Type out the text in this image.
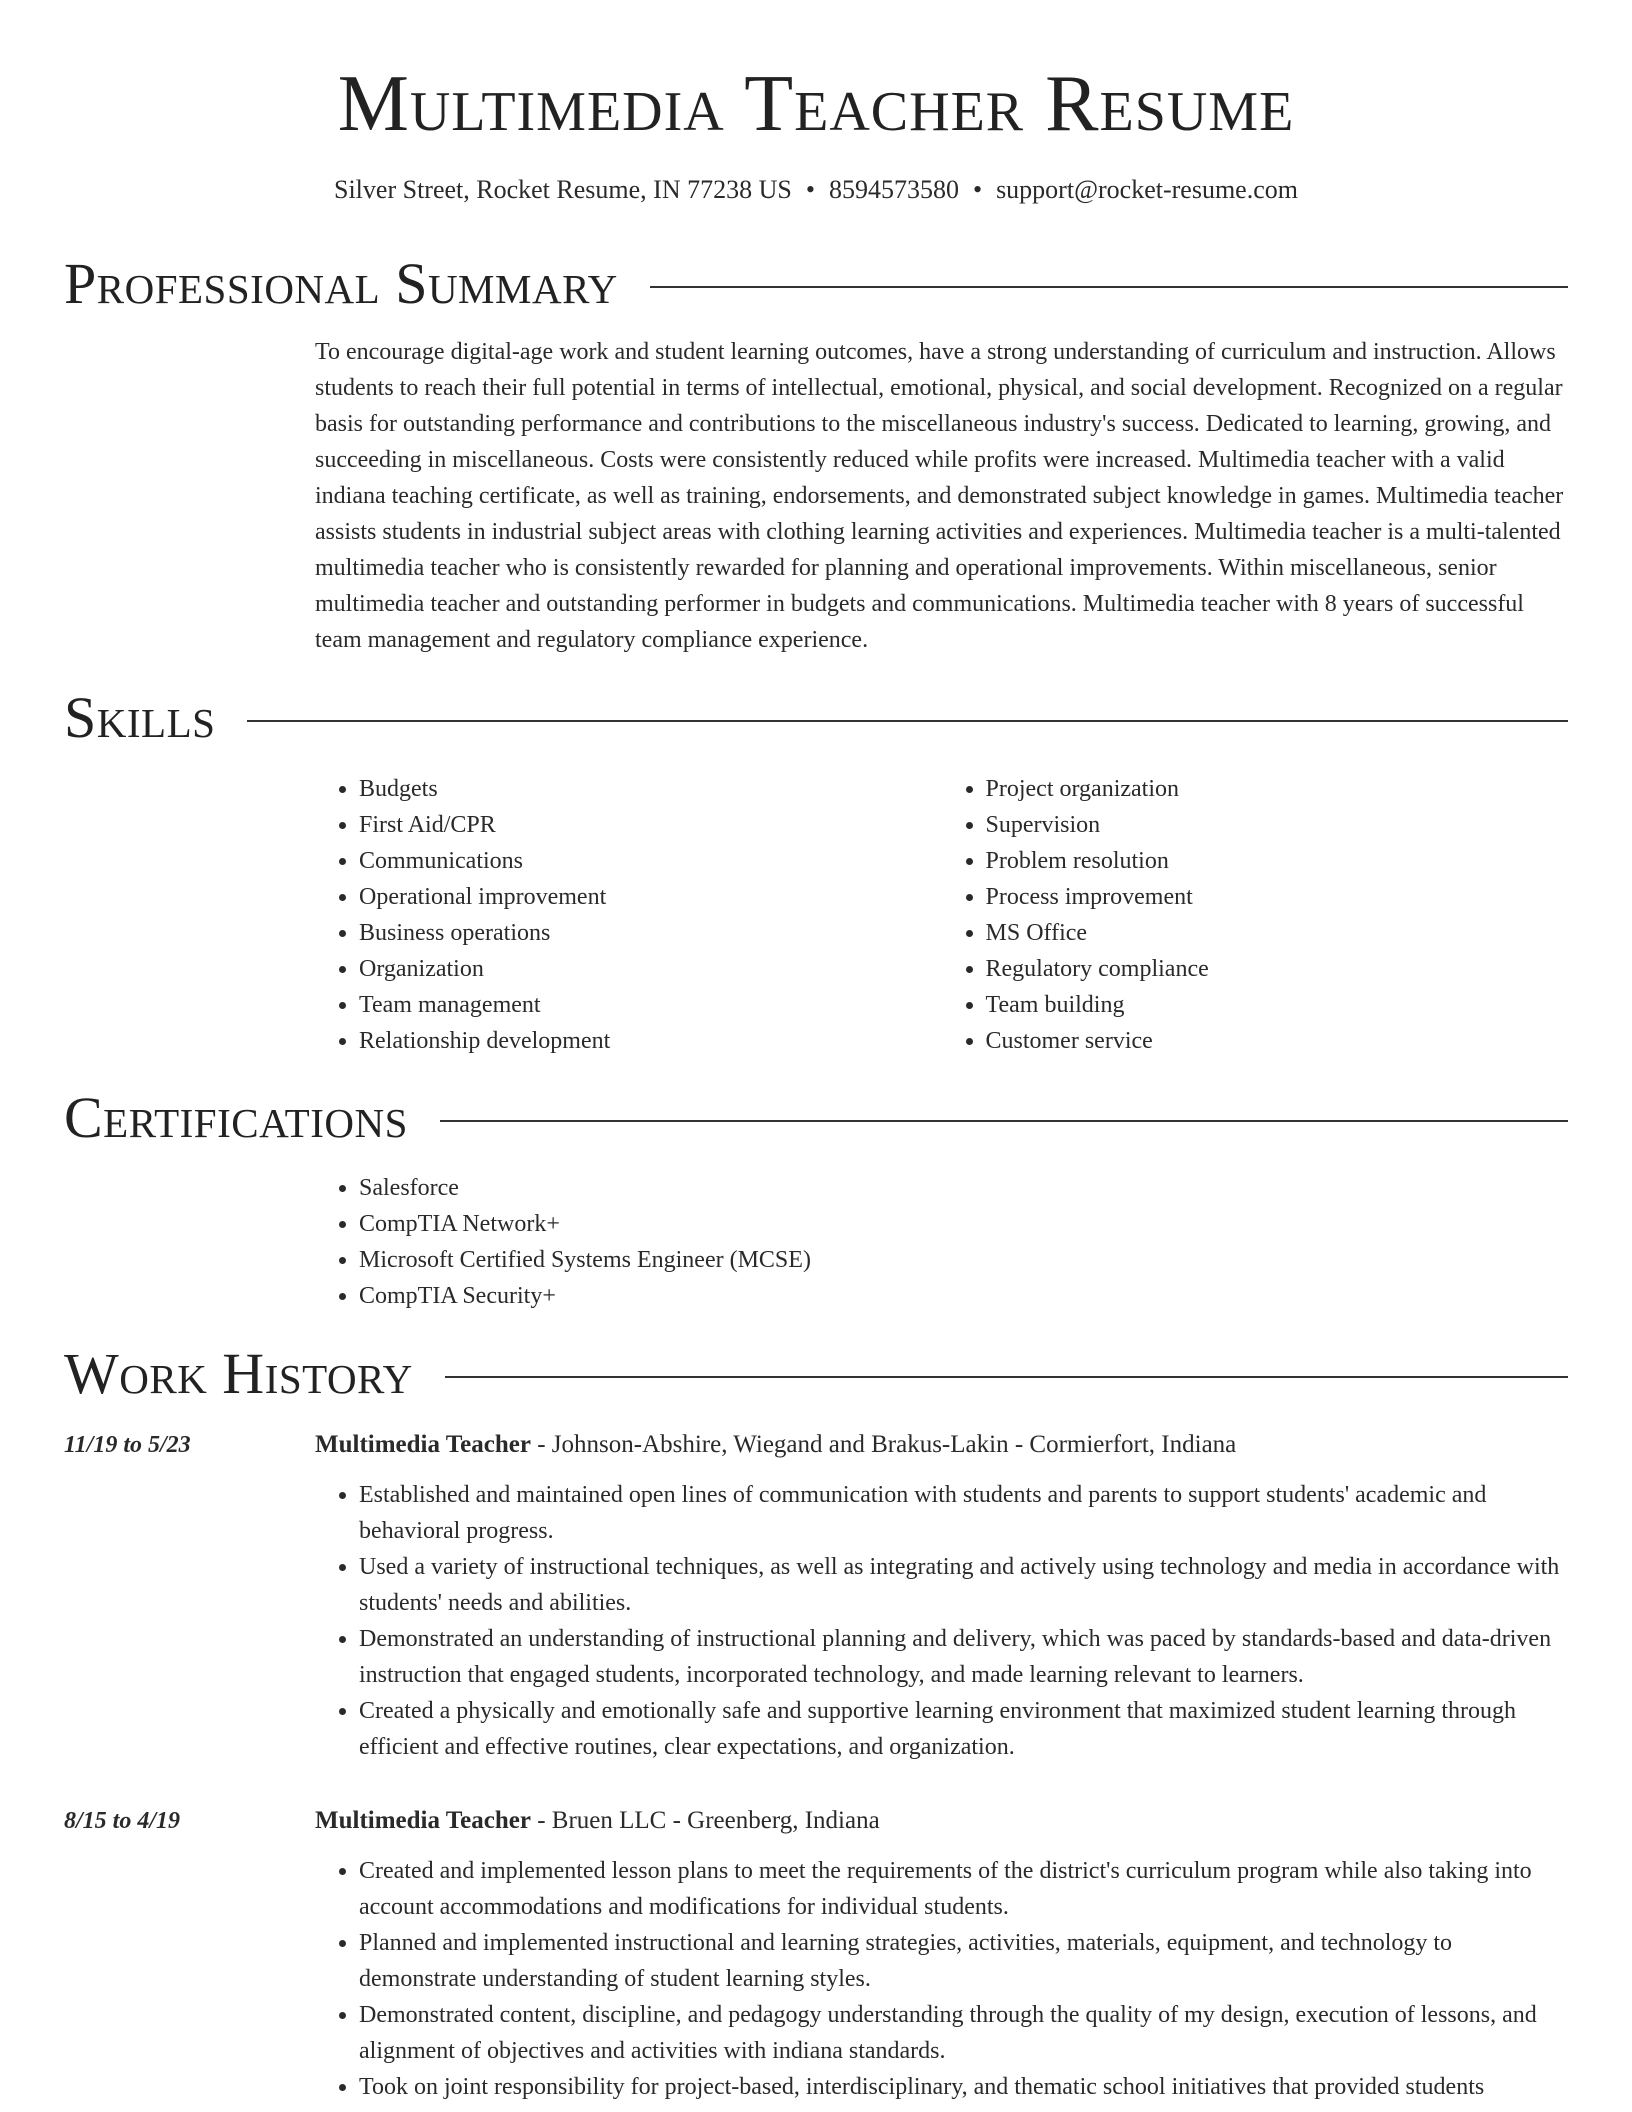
Multimedia Teacher Resume
Silver Street, Rocket Resume, IN 77238 US • 8594573580 • support@rocket-resume.com
Professional Summary

To encourage digital-age work and student learning outcomes, have a strong understanding of curriculum and instruction. Allows students to reach their full potential in terms of intellectual, emotional, physical, and social development. Recognized on a regular basis for outstanding performance and contributions to the miscellaneous industry's success. Dedicated to learning, growing, and succeeding in miscellaneous. Costs were consistently reduced while profits were increased. Multimedia teacher with a valid indiana teaching certificate, as well as training, endorsements, and demonstrated subject knowledge in games. Multimedia teacher assists students in industrial subject areas with clothing learning activities and experiences. Multimedia teacher is a multi-talented multimedia teacher who is consistently rewarded for planning and operational improvements. Within miscellaneous, senior multimedia teacher and outstanding performer in budgets and communications. Multimedia teacher with 8 years of successful team management and regulatory compliance experience.

Skills
• Budgets
• First Aid/CPR
• Communications
• Operational improvement
• Business operations
• Organization
• Team management
• Relationship development
• Project organization
• Supervision
• Problem resolution
• Process improvement
• MS Office
• Regulatory compliance
• Team building
• Customer service
Certifications
• Salesforce
• CompTIA Network+
• Microsoft Certified Systems Engineer (MCSE)
• CompTIA Security+
Work History
11/19 to 5/23	Multimedia Teacher - Johnson-Abshire, Wiegand and Brakus-Lakin - Cormierfort, Indiana
• Established and maintained open lines of communication with students and parents to support students' academic and behavioral progress.
• Used a variety of instructional techniques, as well as integrating and actively using technology and media in accordance with students' needs and abilities.
• Demonstrated an understanding of instructional planning and delivery, which was paced by standards-based and data-driven instruction that engaged students, incorporated technology, and made learning relevant to learners.
• Created a physically and emotionally safe and supportive learning environment that maximized student learning through efficient and effective routines, clear expectations, and organization.
8/15 to 4/19	Multimedia Teacher - Bruen LLC - Greenberg, Indiana
• Created and implemented lesson plans to meet the requirements of the district's curriculum program while also taking into account accommodations and modifications for individual students.
• Planned and implemented instructional and learning strategies, activities, materials, equipment, and technology to demonstrate understanding of student learning styles.
• Demonstrated content, discipline, and pedagogy understanding through the quality of my design, execution of lessons, and alignment of objectives and activities with indiana standards.
• Took on joint responsibility for project-based, interdisciplinary, and thematic school initiatives that provided students
